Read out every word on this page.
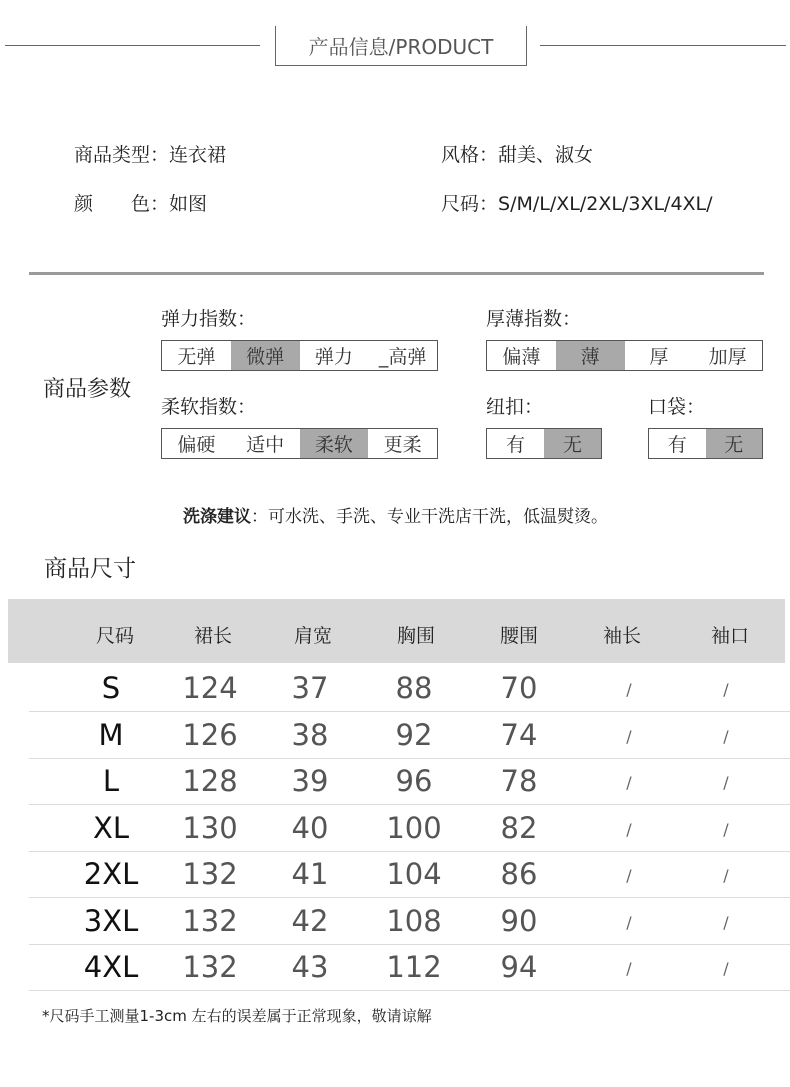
产品信息/PRODUCT
商品类型：连衣裙	风格：甜美、淑女
颜　　色：如图	尺码：S/M/L/XL/2XL/3XL/4XL/
商品参数
弹力指数：
无弹	微弹	弹力	_高弹
厚薄指数：
偏薄	薄	厚	加厚
柔软指数：
偏硬	适中	柔软	更柔
纽扣：
有	无
口袋：
有	无
洗涤建议：可水洗、手洗、专业干洗店干洗，低温熨烫。
商品尺寸
尺码	裙长	肩宽	胸围	腰围	袖长	袖口
S 124 37 88 70	/	/
M 126 38 92 74	/	/
L 128 39 96 78	/	/
XL 130 40 100 82	/	/
2XL 132 41 104 86	/	/
3XL 132 42 108 90	/	/
4XL 132 43 112 94	/	/
*尺码手工测量1-3cm 左右的误差属于正常现象，敬请谅解
